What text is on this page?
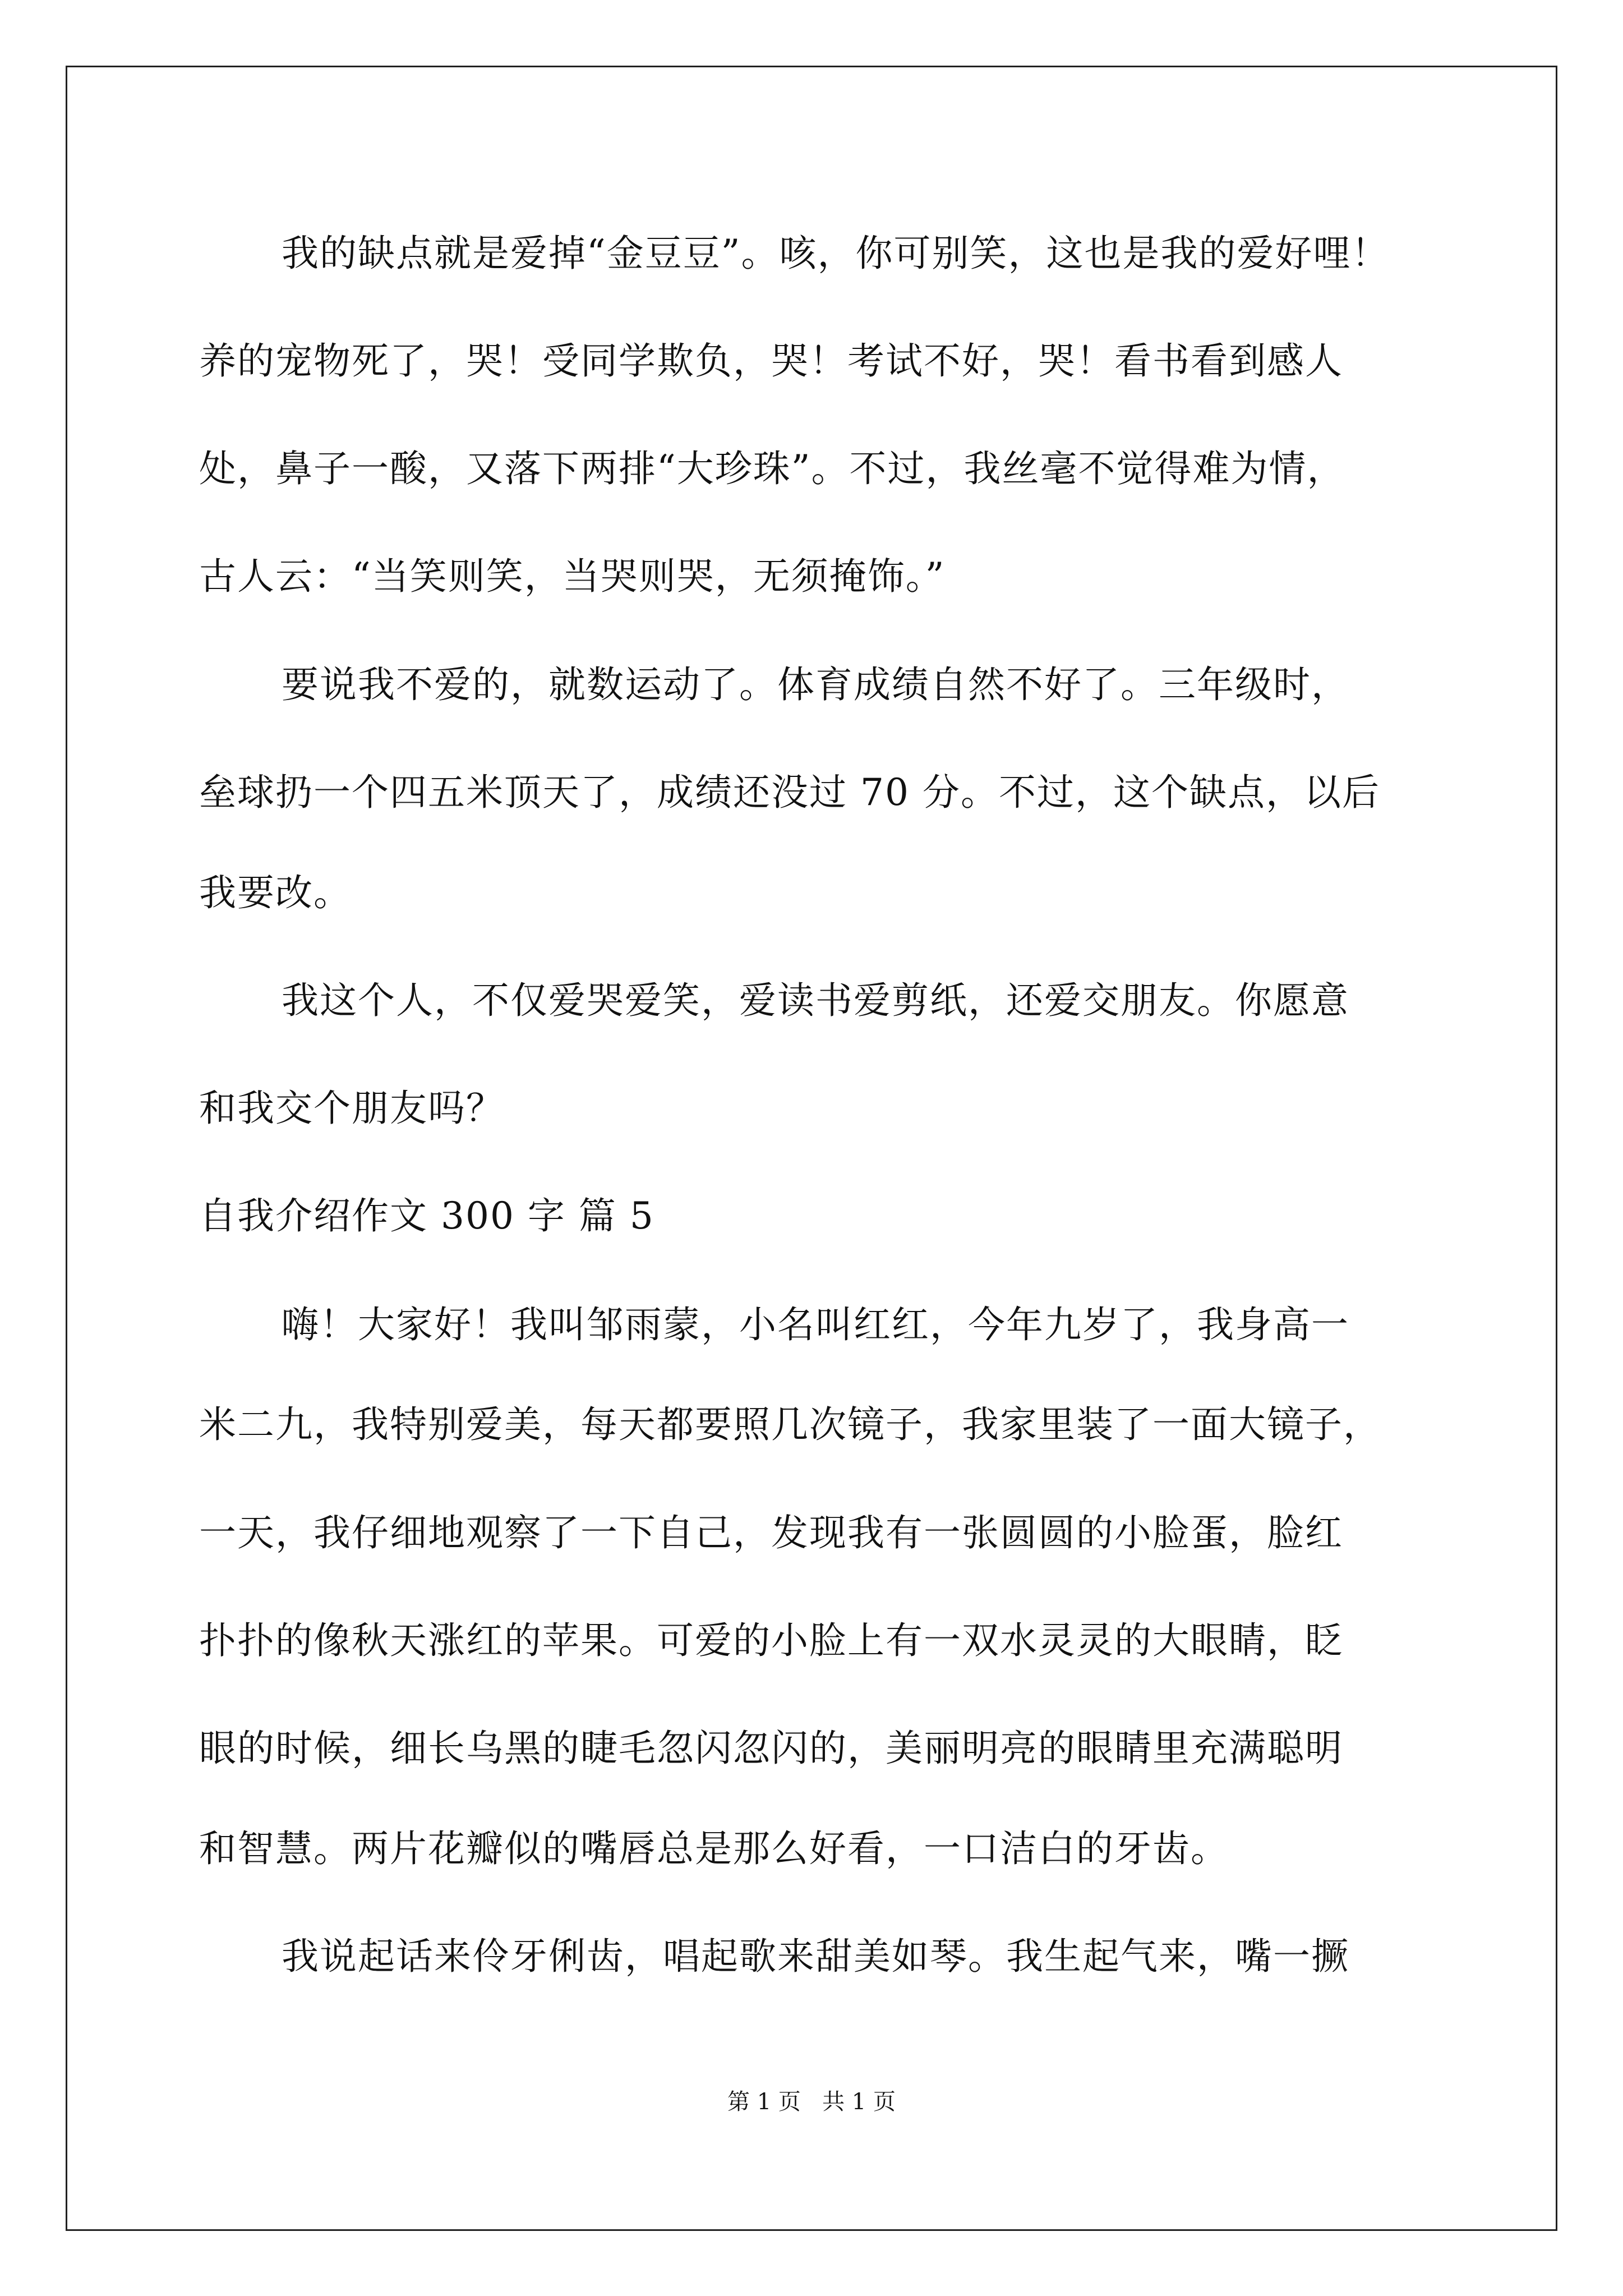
我的缺点就是爱掉“金豆豆”。咳，你可别笑，这也是我的爱好哩！
养的宠物死了，哭！受同学欺负，哭！考试不好，哭！看书看到感人
处，鼻子一酸，又落下两排“大珍珠”。不过，我丝毫不觉得难为情，
古人云：“当笑则笑，当哭则哭，无须掩饰。”
要说我不爱的，就数运动了。体育成绩自然不好了。三年级时，
垒球扔一个四五米顶天了，成绩还没过 70 分。不过，这个缺点，以后
我要改。
我这个人，不仅爱哭爱笑，爱读书爱剪纸，还爱交朋友。你愿意
和我交个朋友吗？
自我介绍作文 300 字 篇 5
嗨！大家好！我叫邹雨蒙，小名叫红红，今年九岁了，我身高一
米二九，我特别爱美，每天都要照几次镜子，我家里装了一面大镜子，
一天，我仔细地观察了一下自己，发现我有一张圆圆的小脸蛋，脸红
扑扑的像秋天涨红的苹果。可爱的小脸上有一双水灵灵的大眼睛，眨
眼的时候，细长乌黑的睫毛忽闪忽闪的，美丽明亮的眼睛里充满聪明
和智慧。两片花瓣似的嘴唇总是那么好看，一口洁白的牙齿。
我说起话来伶牙俐齿，唱起歌来甜美如琴。我生起气来，嘴一撅
第 1 页   共 1 页
